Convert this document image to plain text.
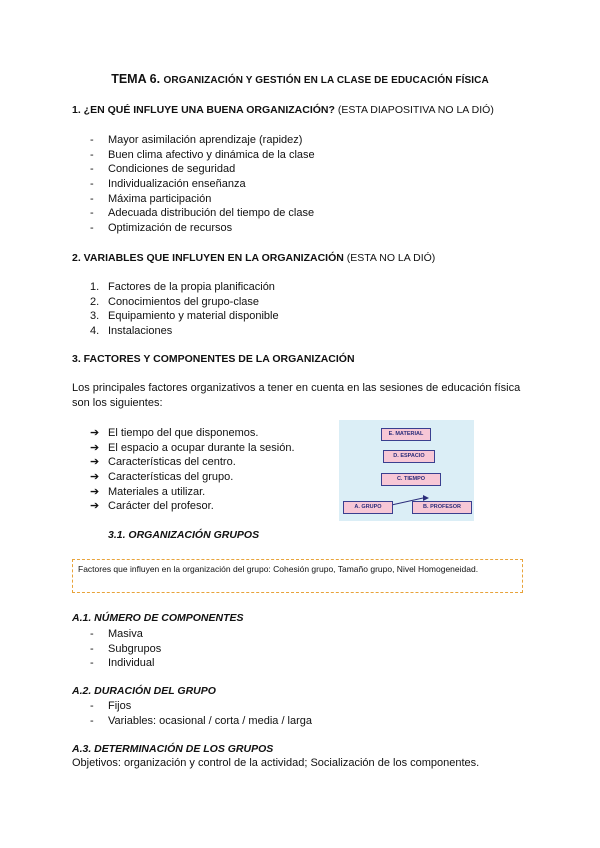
TEMA 6. ORGANIZACIÓN Y GESTIÓN EN LA CLASE DE EDUCACIÓN FÍSICA
1. ¿EN QUÉ INFLUYE UNA BUENA ORGANIZACIÓN? (ESTA DIAPOSITIVA NO LA DIÓ)
- Mayor asimilación aprendizaje (rapidez)
- Buen clima afectivo y dinámica de la clase
- Condiciones de seguridad
- Individualización enseñanza
- Máxima participación
- Adecuada distribución del tiempo de clase
- Optimización de recursos
2. VARIABLES QUE INFLUYEN EN LA ORGANIZACIÓN (ESTA NO LA DIÓ)
1. Factores de la propia planificación
2. Conocimientos del grupo-clase
3. Equipamiento y material disponible
4. Instalaciones
3. FACTORES Y COMPONENTES DE LA ORGANIZACIÓN
Los principales factores organizativos a tener en cuenta en las sesiones de educación física son los siguientes:
➔ El tiempo del que disponemos.
➔ El espacio a ocupar durante la sesión.
➔ Características del centro.
➔ Características del grupo.
➔ Materiales a utilizar.
➔ Carácter del profesor.
E. MATERIAL
D. ESPACIO
C. TIEMPO
A. GRUPO	B. PROFESOR
3.1. ORGANIZACIÓN GRUPOS
Factores que influyen en la organización del grupo: Cohesión grupo, Tamaño grupo, Nivel Homogeneidad.
A.1. NÚMERO DE COMPONENTES
- Masiva
- Subgrupos
- Individual
A.2. DURACIÓN DEL GRUPO
- Fijos
- Variables: ocasional / corta / media / larga
A.3. DETERMINACIÓN DE LOS GRUPOS
Objetivos: organización y control de la actividad; Socialización de los componentes.
